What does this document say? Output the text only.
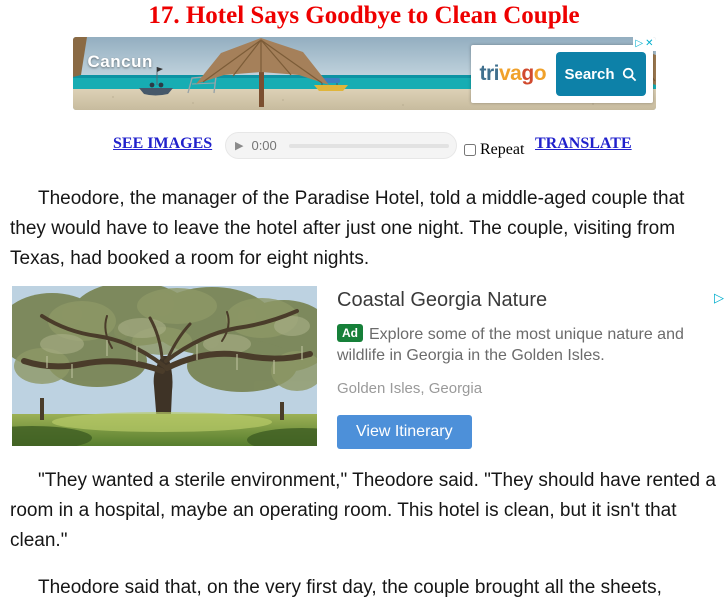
17. Hotel Says Goodbye to Clean Couple
Cancun
trivago Search
▷ ✕
SEE IMAGES ▶ 0:00	Repeat TRANSLATE

Theodore, the manager of the Paradise Hotel, told a middle-aged couple that they would have to leave the hotel after just one night. The couple, visiting from Texas, had booked a room for eight nights.

Coastal Georgia Nature
Ad Explore some of the most unique nature and wildlife in Georgia in the Golden Isles.
Golden Isles, Georgia
View Itinerary
▷

"They wanted a sterile environment," Theodore said. "They should have rented a room in a hospital, maybe an operating room. This hotel is clean, but it isn't that clean."

Theodore said that, on the very first day, the couple brought all the sheets,
